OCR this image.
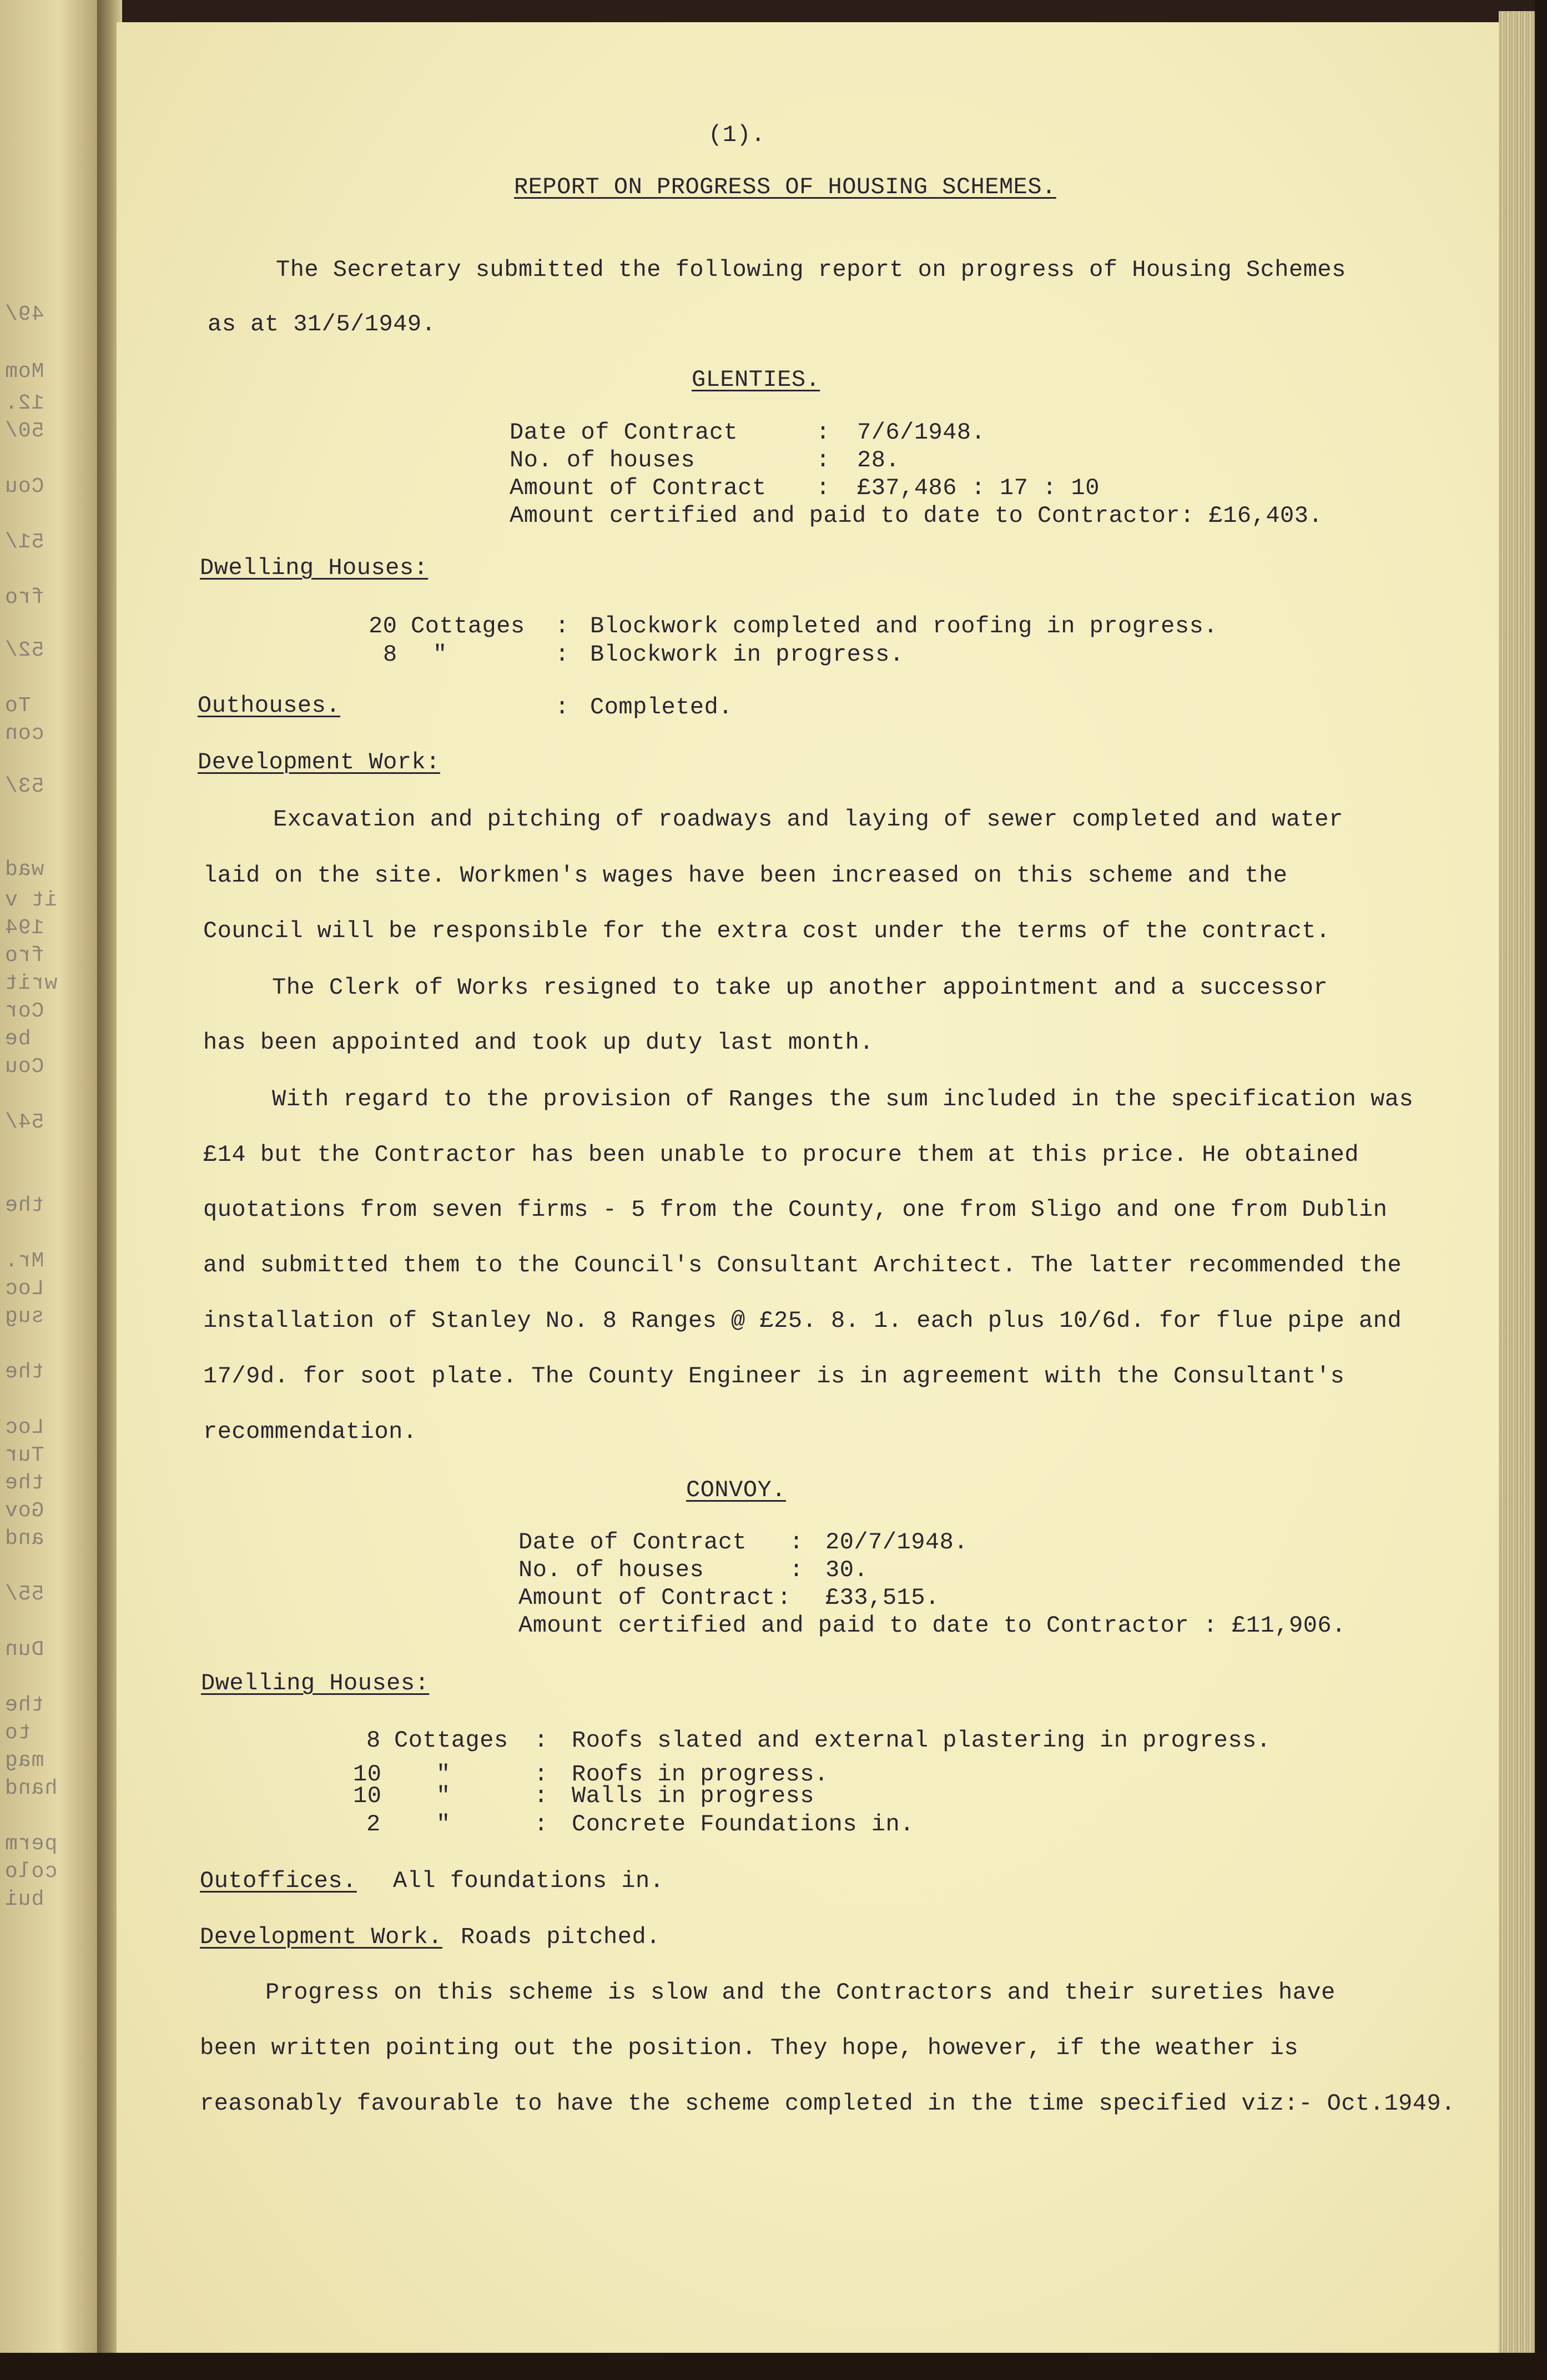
49/
Mom
12.
50/
Cou
51/
fro
52/
To
con
53/
wad
it v
194
fro
writ
Cor
be
Cou
54/
the
Mr.
Loc
sug
the
Loc
Tur
the
Gov
and
55/
Dun
the
to
mag
hand
perm
colo
bui
(1).
REPORT ON PROGRESS OF HOUSING SCHEMES.
The Secretary submitted the following report on progress of Housing Schemes
as at 31/5/1949.
GLENTIES.
Date of Contract	: 7/6/1948.
No. of houses	: 28.
Amount of Contract : £37,486 : 17 : 10
Amount certified and paid to date to Contractor: £16,403.
Dwelling Houses:
20 Cottages : Blockwork completed and roofing in progress.
8 "	: Blockwork in progress.
Outhouses.	: Completed.
Development Work:
Excavation and pitching of roadways and laying of sewer completed and water
laid on the site. Workmen's wages have been increased on this scheme and the
Council will be responsible for the extra cost under the terms of the contract.
The Clerk of Works resigned to take up another appointment and a successor
has been appointed and took up duty last month.
With regard to the provision of Ranges the sum included in the specification was
£14 but the Contractor has been unable to procure them at this price. He obtained
quotations from seven firms - 5 from the County, one from Sligo and one from Dublin
and submitted them to the Council's Consultant Architect. The latter recommended the
installation of Stanley No. 8 Ranges @ £25. 8. 1. each plus 10/6d. for flue pipe and
17/9d. for soot plate. The County Engineer is in agreement with the Consultant's
recommendation.
CONVOY.
Date of Contract : 20/7/1948.
No. of houses	: 30.
Amount of Contract : £33,515.
Amount certified and paid to date to Contractor : £11,906.
Dwelling Houses:
8 Cottages : Roofs slated and external plastering in progress.
10 "	: Roofs in progress.
10 "	: Walls in progress
2 "	: Concrete Foundations in.
Outoffices. All foundations in.
Development Work. Roads pitched.
Progress on this scheme is slow and the Contractors and their sureties have
been written pointing out the position. They hope, however, if the weather is
reasonably favourable to have the scheme completed in the time specified viz:- Oct.1949.
